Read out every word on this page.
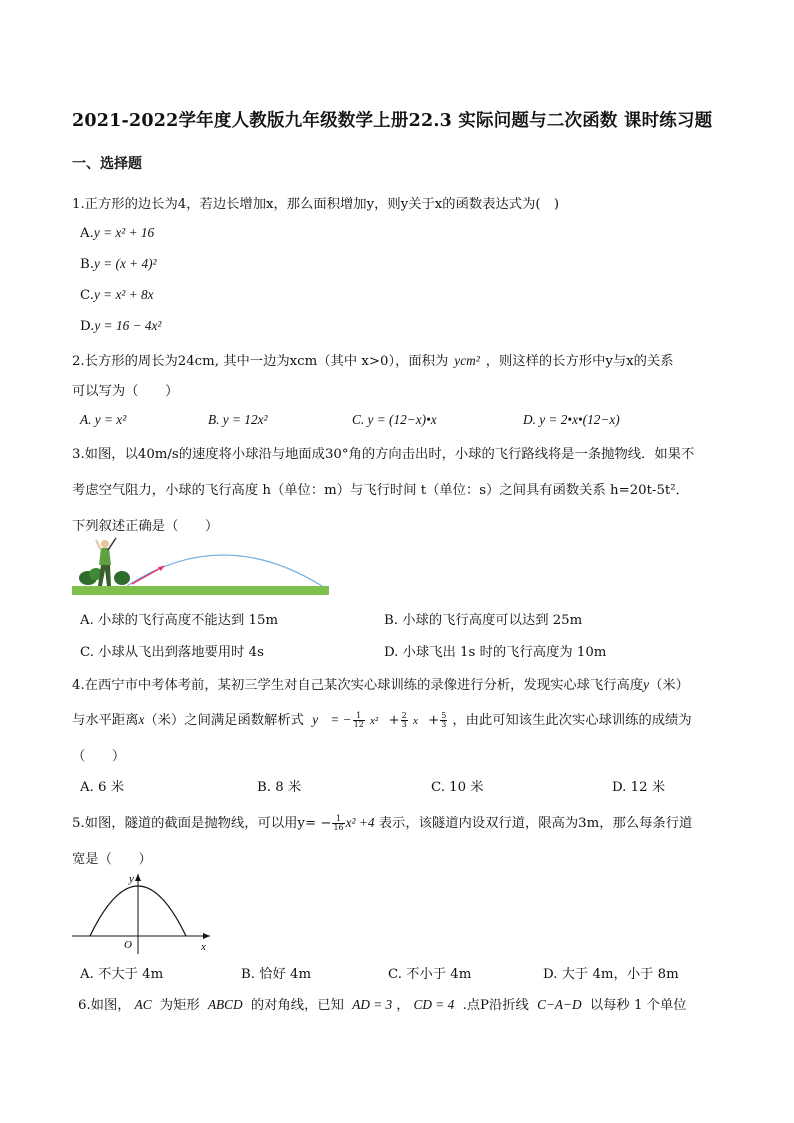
2021-2022学年度人教版九年级数学上册22.3 实际问题与二次函数 课时练习题
一、选择题
1.正方形的边长为4，若边长增加x，那么面积增加y，则y关于x的函数表达式为(　)
A.y = x² + 16
B.y = (x + 4)²
C.y = x² + 8x
D.y = 16 − 4x²
2.长方形的周长为24cm, 其中一边为xcm（其中 x>0），面积为 ycm² ，则这样的长方形中y与x的关系
可以写为（　　）
A. y = x²	B. y = 12x²	C. y = (12−x)•x	D. y = 2•x•(12−x)
3.如图，以40m/s的速度将小球沿与地面成30°角的方向击出时，小球的飞行路线将是一条抛物线．如果不
考虑空气阻力，小球的飞行高度 h（单位：m）与飞行时间 t（单位：s）之间具有函数关系 h=20t-5t²．
下列叙述正确是（　　）
A. 小球的飞行高度不能达到 15m	B. 小球的飞行高度可以达到 25m
C. 小球从飞出到落地要用时 4s	D. 小球飞出 1s 时的飞行高度为 10m
4.在西宁市中考体考前，某初三学生对自己某次实心球训练的录像进行分析，发现实心球飞行高度y（米）
与水平距离x（米）之间满足函数解析式 y = − $\frac{1}{12} x^2 + \frac{2}{3}$ $x + \frac{5}{3}$ ，由此可知该生此次实心球训练的成绩为
（　　）
A. 6 米	B. 8 米	C. 10 米	D. 12 米
5.如图，隧道的截面是抛物线，可以用$y= - \frac{1}{16} x^2 +4$ 表示，该隧道内设双行道，限高为3m，那么每条行道
宽是（　　）
y
O	x
A. 不大于 4m	B. 恰好 4m	C. 不小于 4m	D. 大于 4m，小于 8m
6.如图， AC 为矩形 ABCD 的对角线，已知 AD = 3 ， CD = 4 .点P沿折线 C−A−D 以每秒 1 个单位
